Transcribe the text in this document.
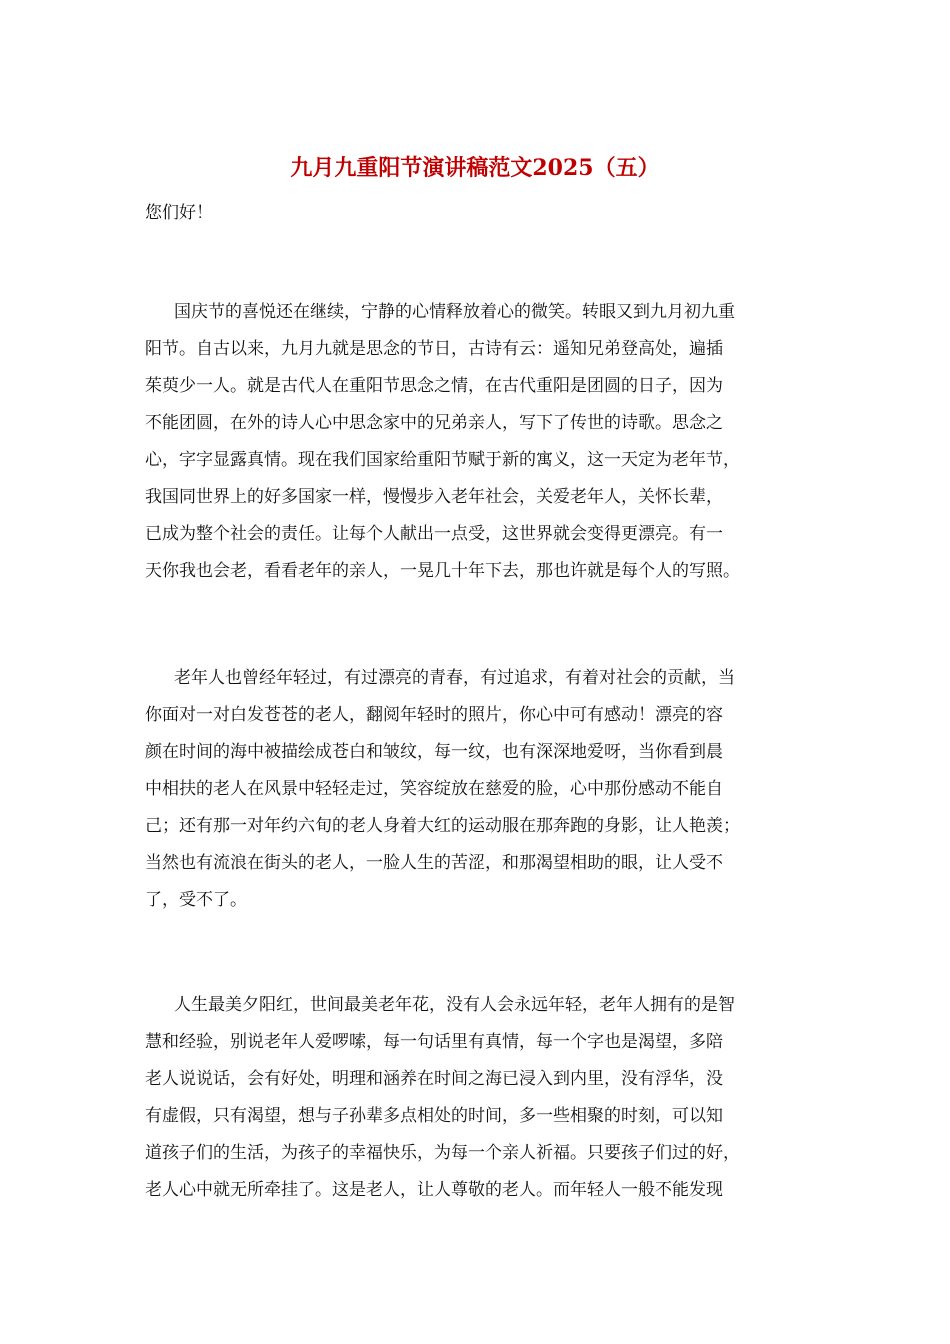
九月九重阳节演讲稿范文2025（五）

您们好！

国庆节的喜悦还在继续，宁静的心情释放着心的微笑。转眼又到九月初九重
阳节。自古以来，九月九就是思念的节日，古诗有云：遥知兄弟登高处，遍插
茱萸少一人。就是古代人在重阳节思念之情，在古代重阳是团圆的日子，因为
不能团圆，在外的诗人心中思念家中的兄弟亲人，写下了传世的诗歌。思念之
心，字字显露真情。现在我们国家给重阳节赋于新的寓义，这一天定为老年节，
我国同世界上的好多国家一样，慢慢步入老年社会，关爱老年人，关怀长辈，
已成为整个社会的责任。让每个人献出一点受，这世界就会变得更漂亮。有一
天你我也会老，看看老年的亲人，一晃几十年下去，那也许就是每个人的写照。

老年人也曾经年轻过，有过漂亮的青春，有过追求，有着对社会的贡献，当
你面对一对白发苍苍的老人，翻阅年轻时的照片，你心中可有感动！漂亮的容
颜在时间的海中被描绘成苍白和皱纹，每一纹，也有深深地爱呀，当你看到晨
中相扶的老人在风景中轻轻走过，笑容绽放在慈爱的脸，心中那份感动不能自
己；还有那一对年约六旬的老人身着大红的运动服在那奔跑的身影，让人艳羡；
当然也有流浪在街头的老人，一脸人生的苦涩，和那渴望相助的眼，让人受不
了，受不了。

人生最美夕阳红，世间最美老年花，没有人会永远年轻，老年人拥有的是智
慧和经验，别说老年人爱啰嗦，每一句话里有真情，每一个字也是渴望，多陪
老人说说话，会有好处，明理和涵养在时间之海已浸入到内里，没有浮华，没
有虚假，只有渴望，想与子孙辈多点相处的时间，多一些相聚的时刻，可以知
道孩子们的生活，为孩子的幸福快乐，为每一个亲人祈福。只要孩子们过的好，
老人心中就无所牵挂了。这是老人，让人尊敬的老人。而年轻人一般不能发现
